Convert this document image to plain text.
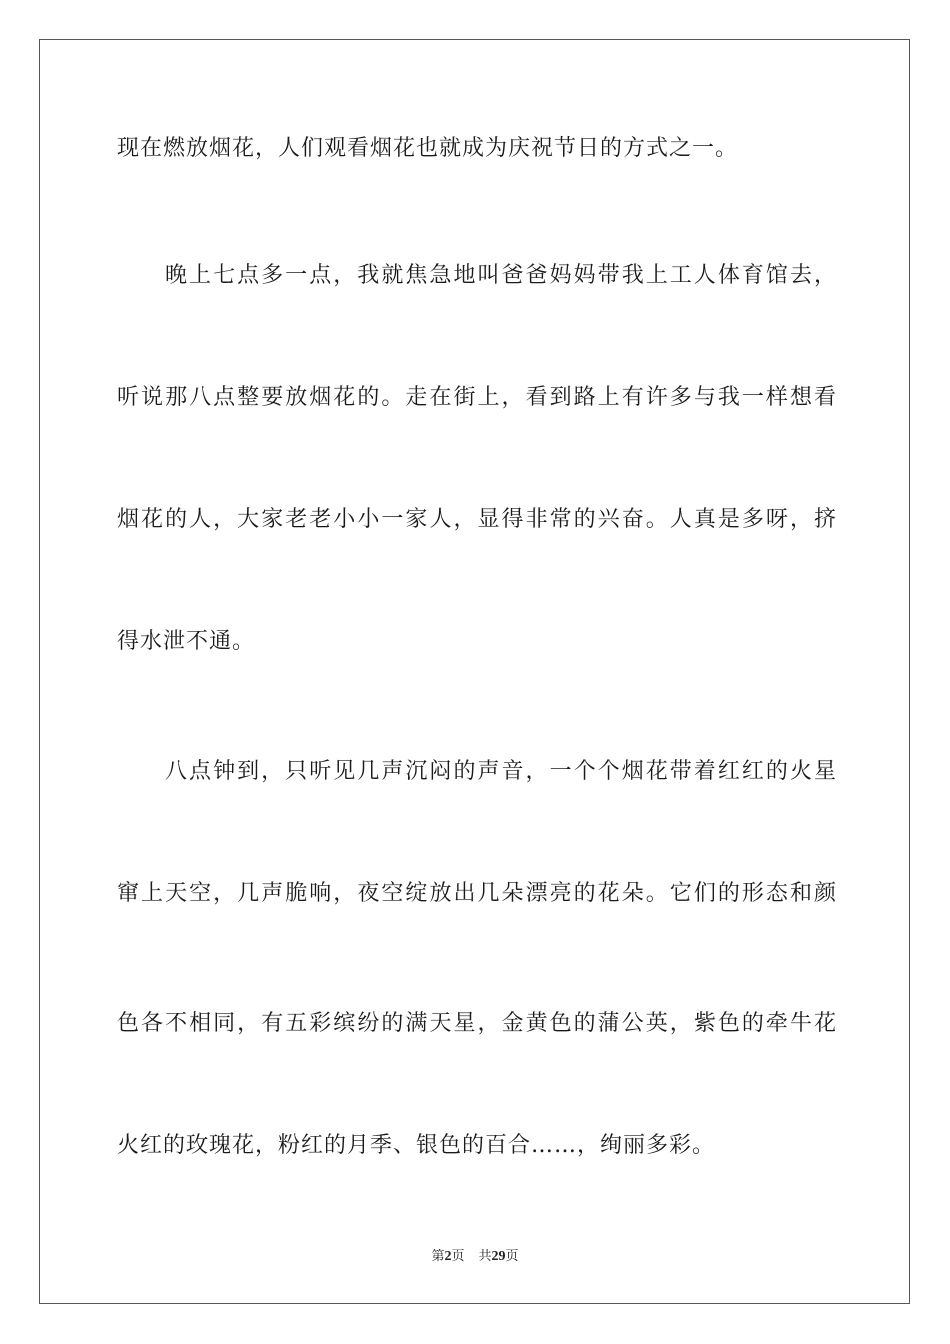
现在燃放烟花，人们观看烟花也就成为庆祝节日的方式之一。
晚上七点多一点，我就焦急地叫爸爸妈妈带我上工人体育馆去，
听说那八点整要放烟花的。走在街上，看到路上有许多与我一样想看
烟花的人，大家老老小小一家人，显得非常的兴奋。人真是多呀，挤
得水泄不通。
八点钟到，只听见几声沉闷的声音，一个个烟花带着红红的火星
窜上天空，几声脆响，夜空绽放出几朵漂亮的花朵。它们的形态和颜
色各不相同，有五彩缤纷的满天星，金黄色的蒲公英，紫色的牵牛花
火红的玫瑰花，粉红的月季、银色的百合……，绚丽多彩。
第2页 共29页
